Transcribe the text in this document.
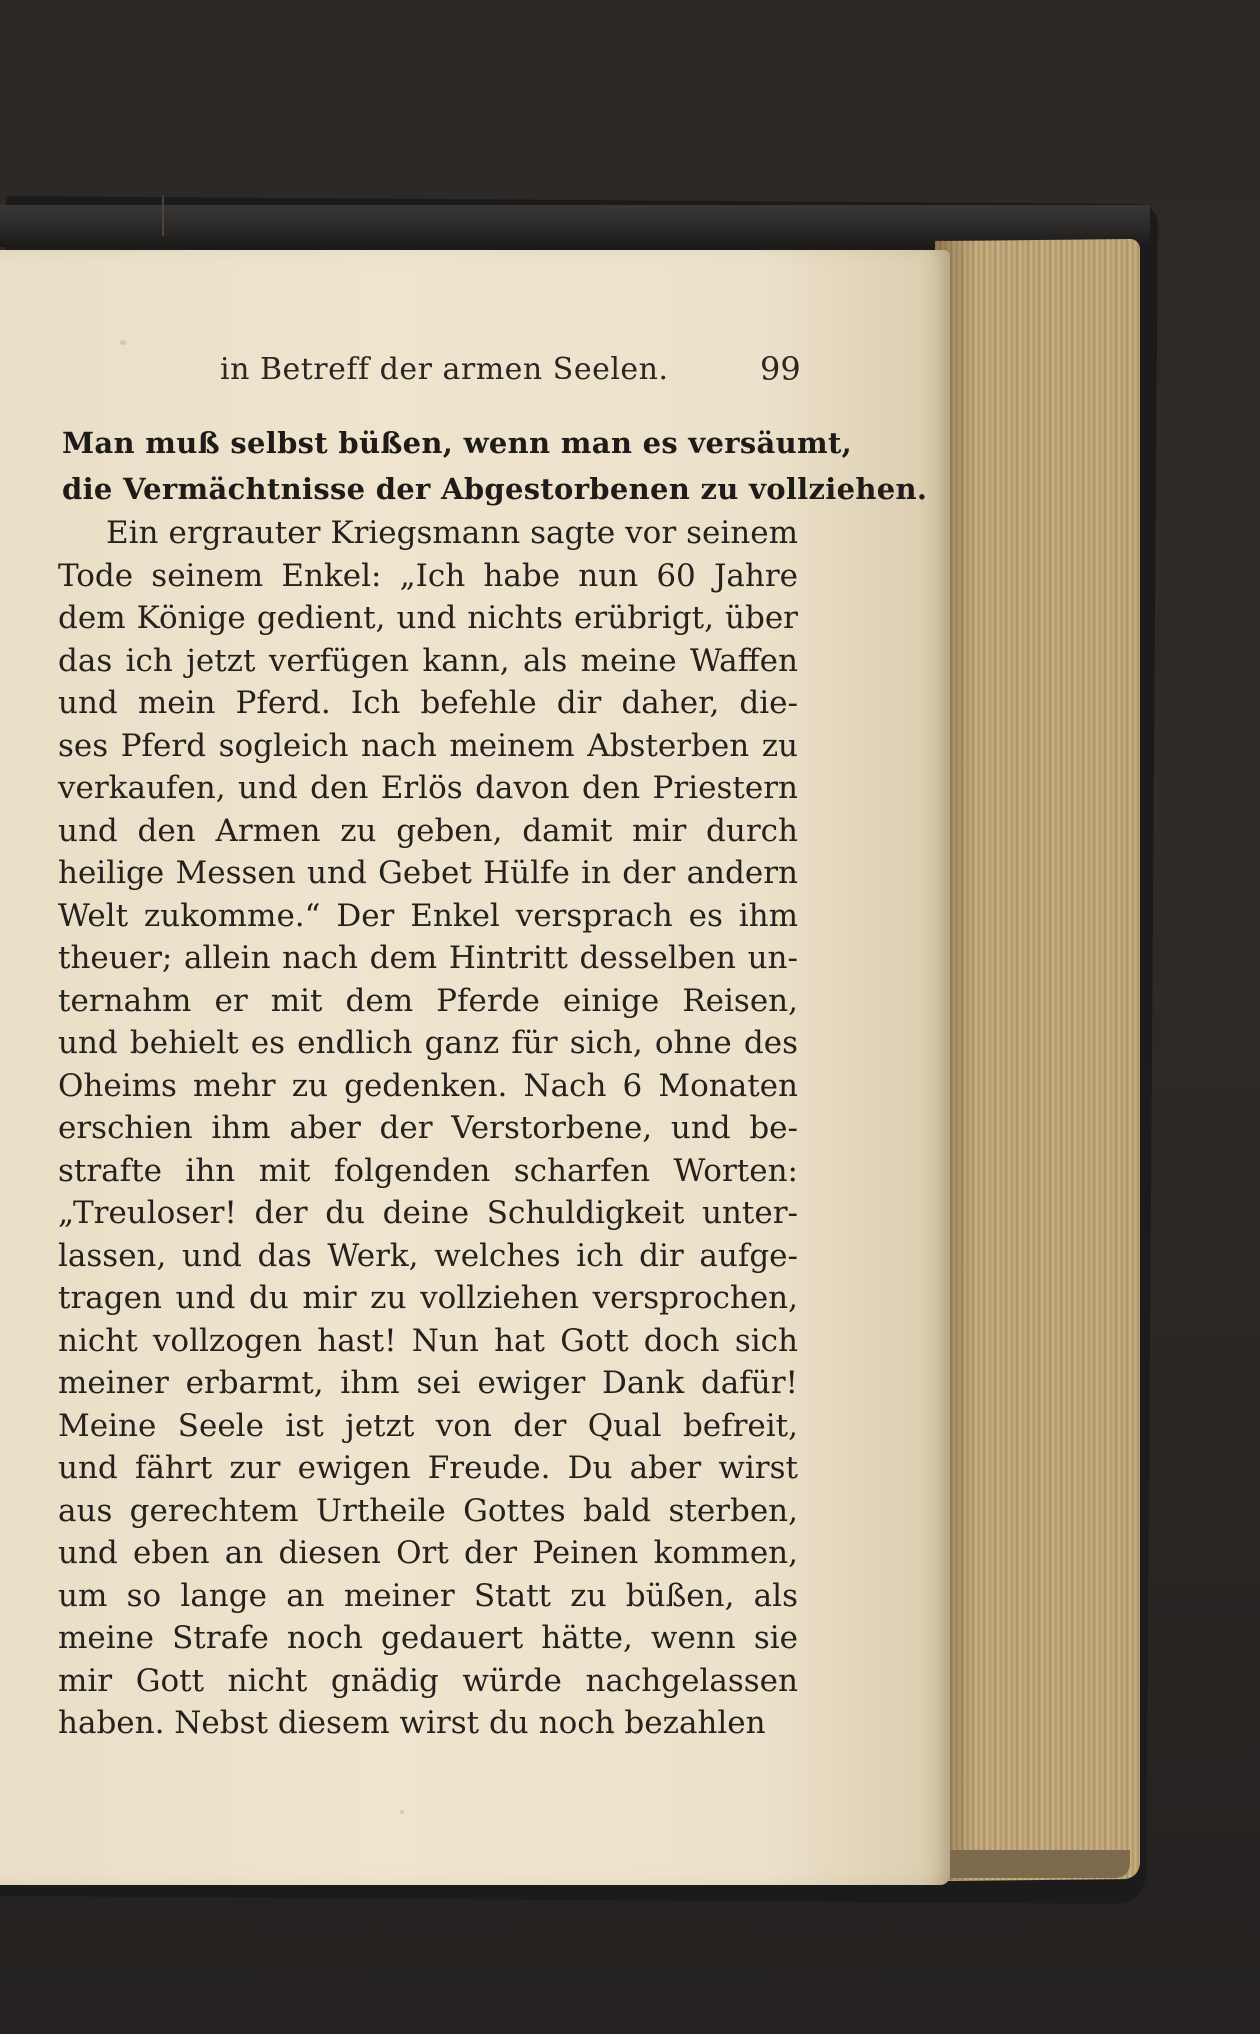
in Betreff der armen Seelen.	99
Man muß selbst büßen, wenn man es versäumt,
die Vermächtnisse der Abgestorbenen zu vollziehen.
Ein ergrauter Kriegsmann sagte vor seinem
Tode seinem Enkel: „Ich habe nun 60 Jahre
dem Könige gedient, und nichts erübrigt, über
das ich jetzt verfügen kann, als meine Waffen
und mein Pferd. Ich befehle dir daher, die-
ses Pferd sogleich nach meinem Absterben zu
verkaufen, und den Erlös davon den Priestern
und den Armen zu geben, damit mir durch
heilige Messen und Gebet Hülfe in der andern
Welt zukomme.“ Der Enkel versprach es ihm
theuer; allein nach dem Hintritt desselben un-
ternahm er mit dem Pferde einige Reisen,
und behielt es endlich ganz für sich, ohne des
Oheims mehr zu gedenken. Nach 6 Monaten
erschien ihm aber der Verstorbene, und be-
strafte ihn mit folgenden scharfen Worten:
„Treuloser! der du deine Schuldigkeit unter-
lassen, und das Werk, welches ich dir aufge-
tragen und du mir zu vollziehen versprochen,
nicht vollzogen hast! Nun hat Gott doch sich
meiner erbarmt, ihm sei ewiger Dank dafür!
Meine Seele ist jetzt von der Qual befreit,
und fährt zur ewigen Freude. Du aber wirst
aus gerechtem Urtheile Gottes bald sterben,
und eben an diesen Ort der Peinen kommen,
um so lange an meiner Statt zu büßen, als
meine Strafe noch gedauert hätte, wenn sie
mir Gott nicht gnädig würde nachgelassen
haben. Nebst diesem wirst du noch bezahlen
